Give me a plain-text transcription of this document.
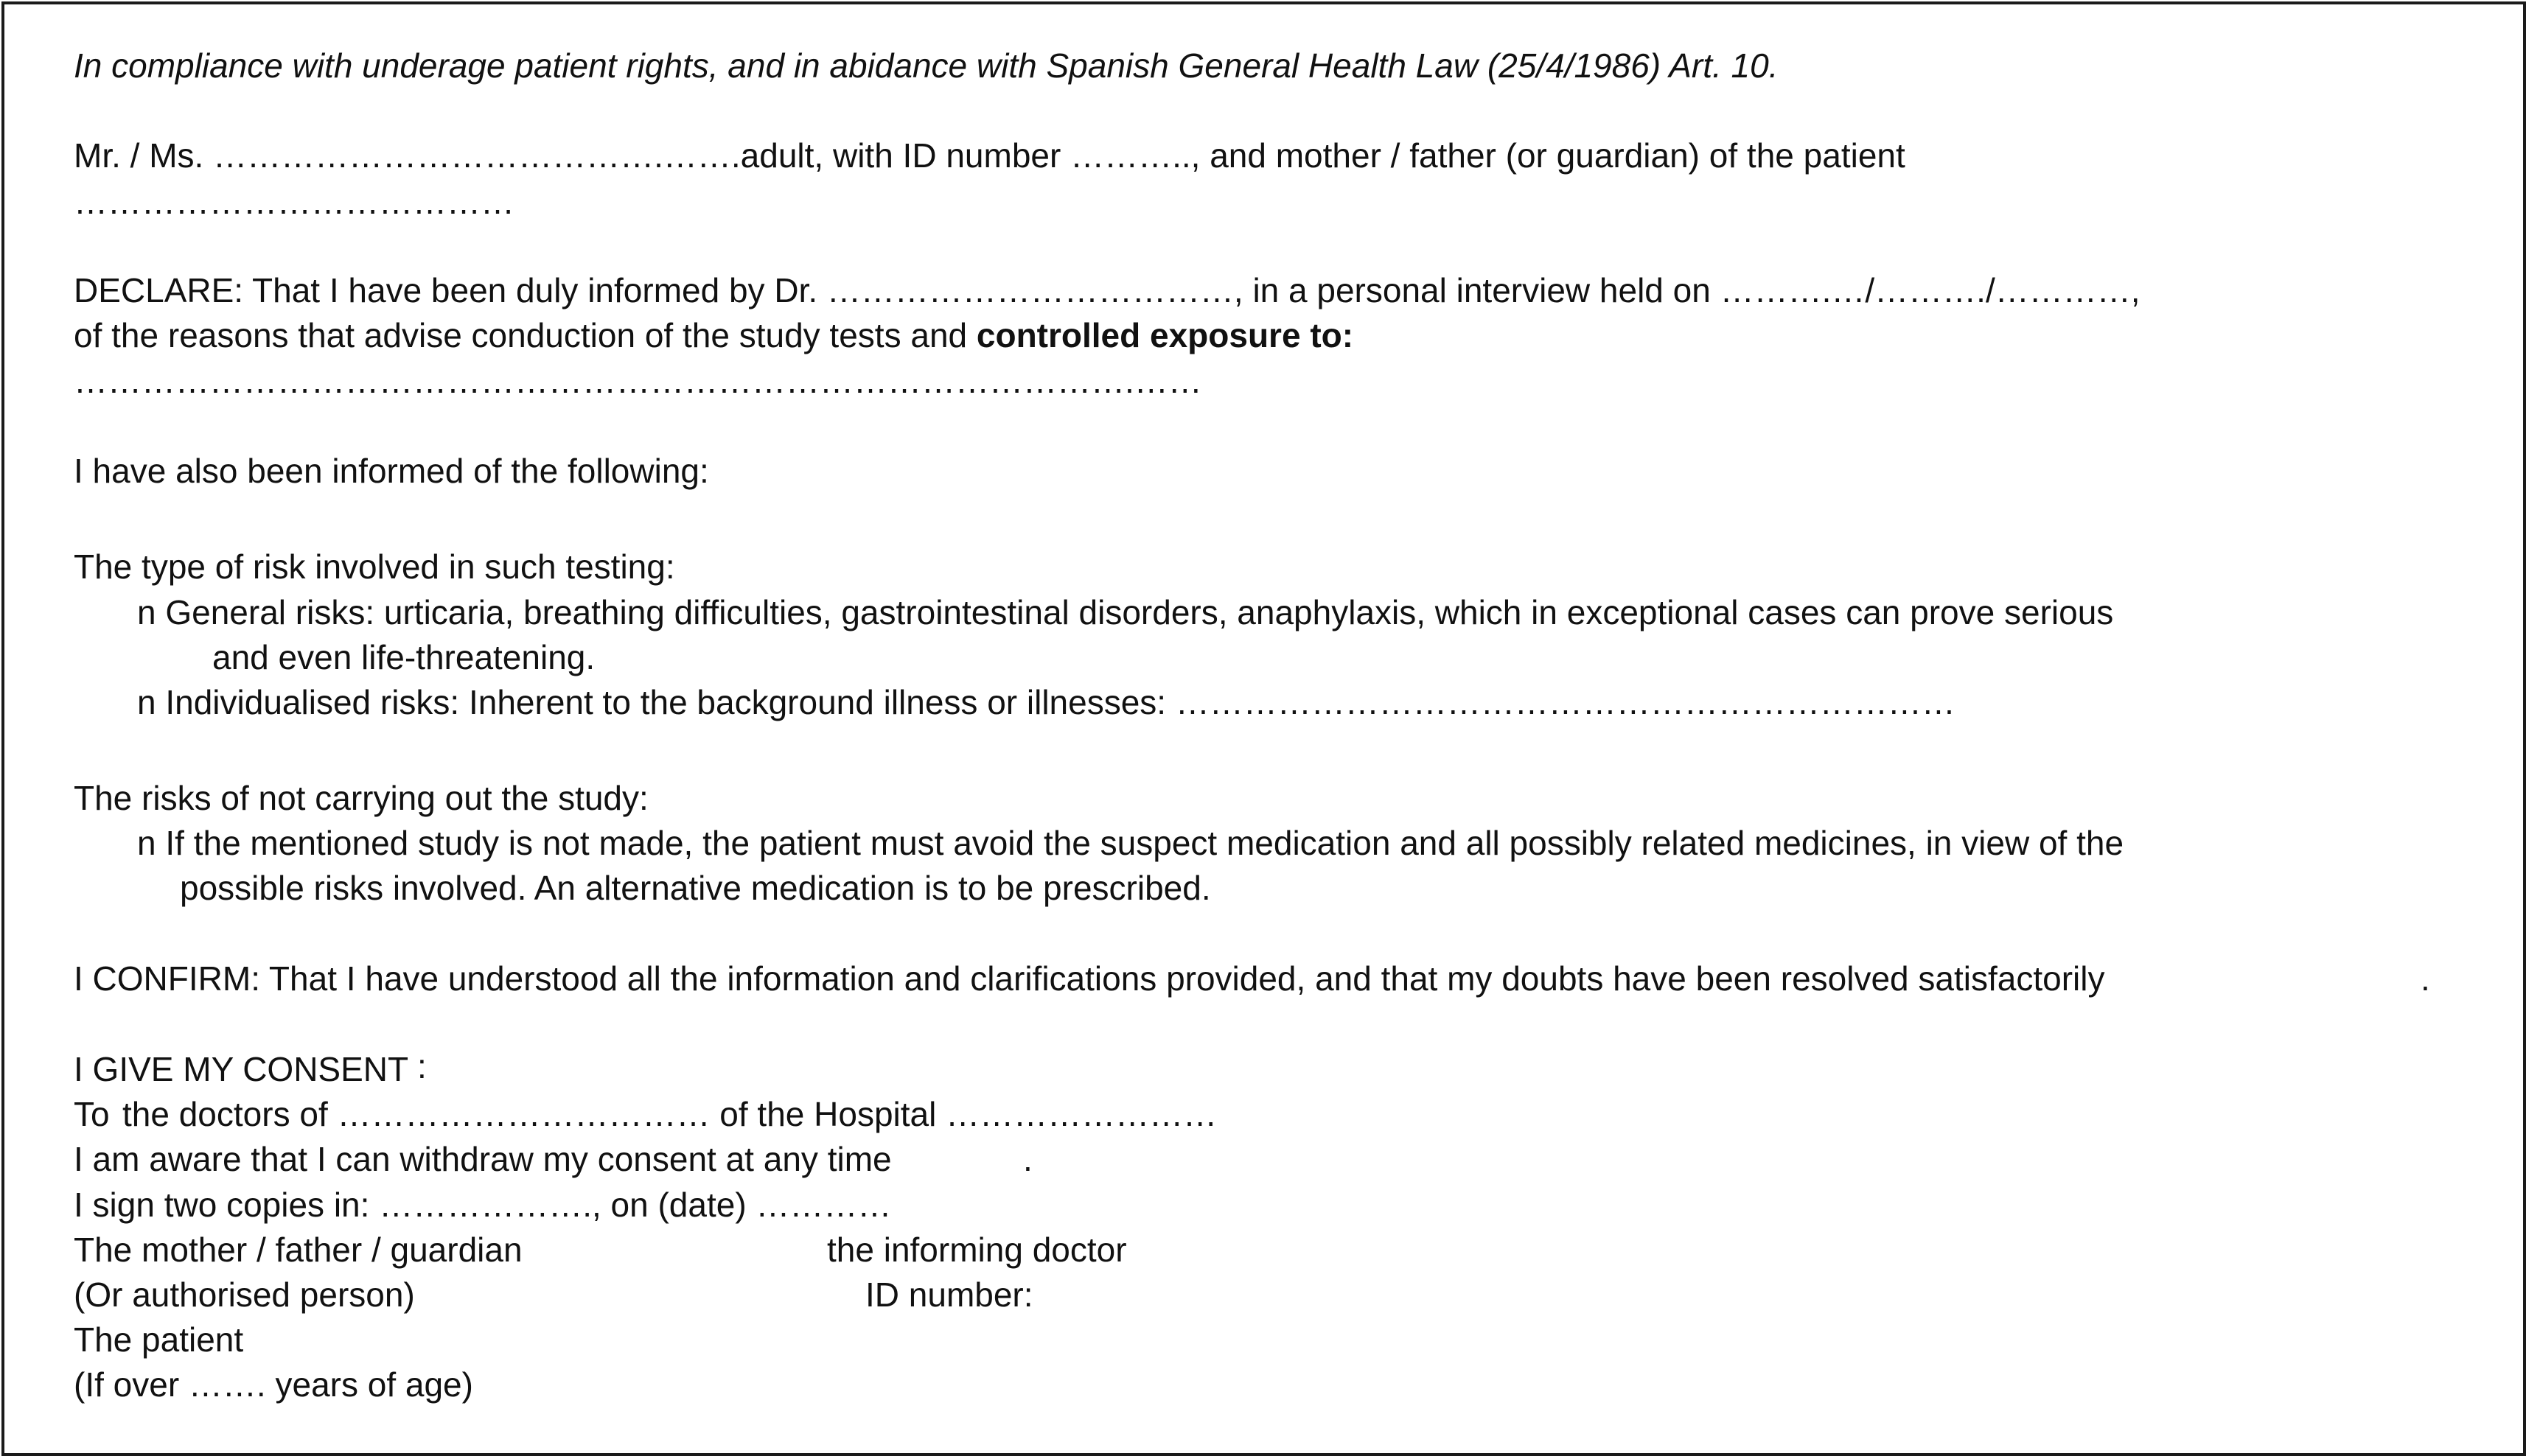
In compliance with underage patient rights, and in abidance with Spanish General Health Law (25/4/1986) Art. 10.

Mr. / Ms. ………………………………….…….adult, with ID number ……….., and mother / father (or guardian) of the patient

…………………………………

DECLARE: That I have been duly informed by Dr. ………………………………, in a personal interview held on ……….…/………./…………,

of the reasons that advise conduction of the study tests and controlled exposure to:

………………………………………………………………………………….……

I have also been informed of the following:

The type of risk involved in such testing:

n General risks: urticaria, breathing difficulties, gastrointestinal disorders, anaphylaxis, which in exceptional cases can prove serious

and even life-threatening.

n Individualised risks: Inherent to the background illness or illnesses: ……………………………………………………………

The risks of not carrying out the study:

n If the mentioned study is not made, the patient must avoid the suspect medication and all possibly related medicines, in view of the

possible risks involved. An alternative medication is to be prescribed.

I CONFIRM: That I have understood all the information and clarifications provided, and that my doubts have been resolved satisfactorily	.

I GIVE MY CONSENT :

To the doctors of …………………………… of the Hospital ……………………

I am aware that I can withdraw my consent at any time	.

I sign two copies in: ………………., on (date) …………

The mother / father / guardian	the informing doctor

(Or authorised person)	ID number:

The patient

(If over ……. years of age)
